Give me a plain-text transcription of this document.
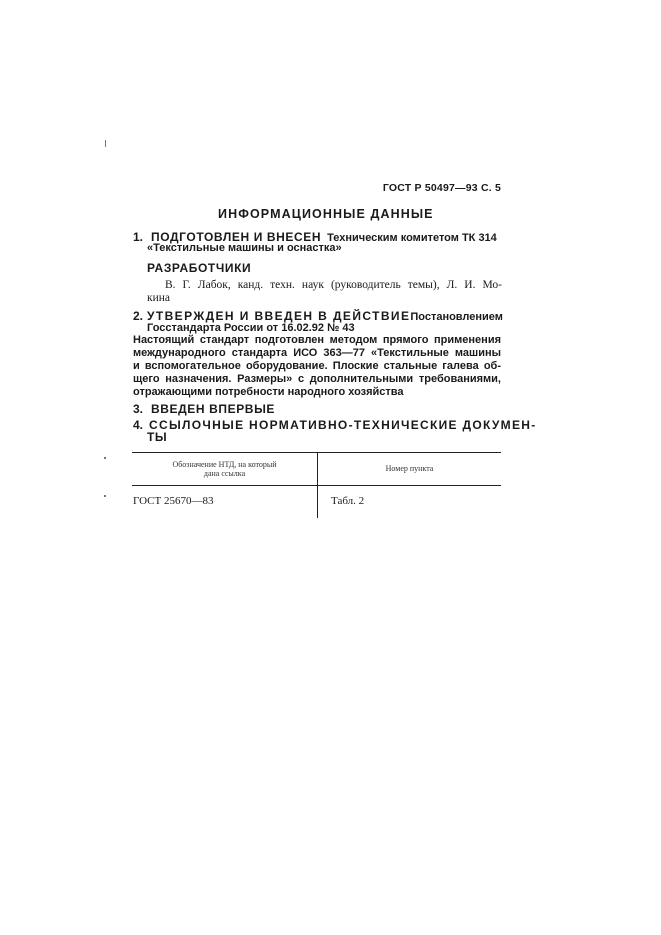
ГОСТ Р 50497—93 С. 5
ИНФОРМАЦИОННЫЕ ДАННЫЕ
1. ПОДГОТОВЛЕН И ВНЕСЕН Техническим комитетом ТК 314
«Текстильные машины и оснастка»
РАЗРАБОТЧИКИ
В. Г. Лабок, канд. техн. наук (руководитель темы), Л. И. Мо-
кина
2. УТВЕРЖДЕН И ВВЕДЕН В ДЕЙСТВИЕ Постановлением
Госстандарта России от 16.02.92 № 43
Настоящий стандарт подготовлен методом прямого применения
международного стандарта ИСО 363—77 «Текстильные машины
и вспомогательное оборудование. Плоские стальные галева об-
щего назначения. Размеры» с дополнительными требованиями,
отражающими потребности народного хозяйства
3. ВВЕДЕН ВПЕРВЫЕ
4. ССЫЛОЧНЫЕ НОРМАТИВНО-ТЕХНИЧЕСКИЕ ДОКУМЕН-
ТЫ
Обозначение НТД, на который
дана ссылка
Номер пункта
ГОСТ 25670—83	Табл. 2
